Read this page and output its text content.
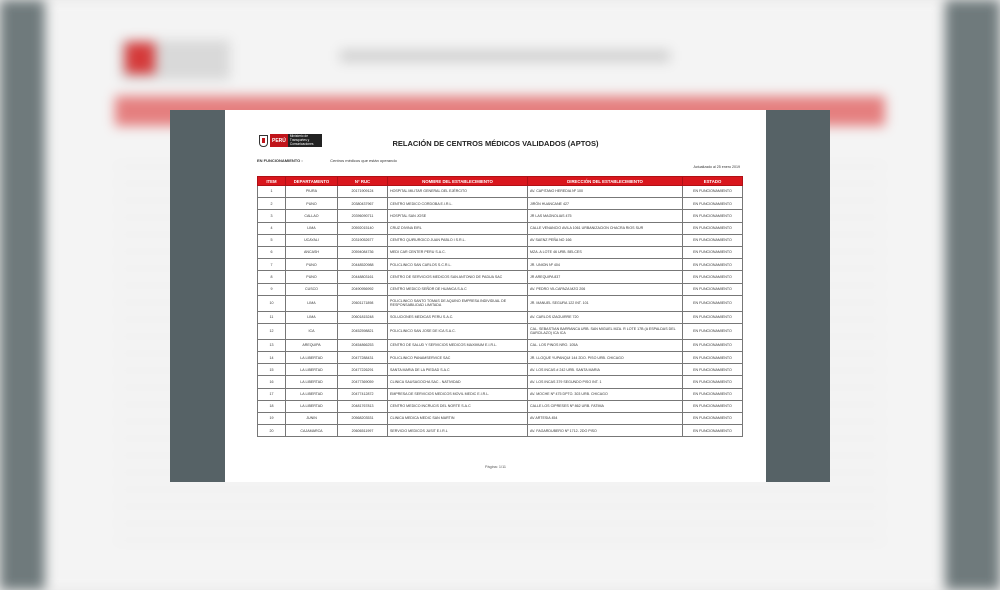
PERÚ
Ministerio de Transportes y Comunicaciones	RELACIÓN DE CENTROS MÉDICOS VALIDADOS (APTOS)
EN FUNCIONAMIENTO :	Centros médicos que están operando
Actualizado al 25 enero 2019
ITEM	DEPARTAMENTO	N° RUC	NOMBRE DEL ESTABLECIMIENTO	DIRECCIÓN DEL ESTABLECIMIENTO	ESTADO
1	PIURA	20171909124	HOSPITAL MILITAR GENERAL DEL EJÉRCITO	AV. CAPITANO HEREDIA Nº 100	EN FUNCIONAMIENTO
2	PUNO	20380437967	CENTRO MEDICO CORDOBA E.I.R.L.	JIRÓN HUANCANE 427	EN FUNCIONAMIENTO
3	CALLAO	20396090711	HOSPITAL SAN JOSE	JR LAS MAGNOLIAS 475	EN FUNCIONAMIENTO
4	LIMA	20592015140	CRUZ DIVINA EIRL	CALLE VENANCIO AVILA 1061 URBANIZACION CHACRA RIOS SUR	EN FUNCIONAMIENTO
5	UCAYALI	20319052677	CENTRO QUIRURGICO JUAN PABLO I S.R.L.	AV SAENZ PEÑA NO 166	EN FUNCIONAMIENTO
6	ANCASH	20594084736	MEDI CAR CENTER PERU S.A.C.	MZA. A LOTE 46 URB. BELCES	EN FUNCIONAMIENTO
7	PUNO	20448520988	POLICLINICO SAN CARLOS S.C.R.L.	JR. UNION Nº 404	EN FUNCIONAMIENTO
8	PUNO	20448803161	CENTRO DE SERVICIOS MEDICOS SAN ANTONIO DE PADUA SAC	JR AREQUIPA 837	EN FUNCIONAMIENTO
9	CUSCO	20490956992	CENTRO MEDICO SEÑOR DE HUANCA S.A.C	AV. PEDRO VILCAPAZA MZG 206	EN FUNCIONAMIENTO
10	LIMA	20601171898	POLICLINICO SANTO TOMAS DE AQUINO EMPRESA INDIVIDUAL DE RESPONSABILIDAD LIMITADA	JR. MANUEL SEGURA 122 INT. 101	EN FUNCIONAMIENTO
11	LIMA	20601815248	SOLUCIONES MEDICAS PERU S.A.C.	AV. CARLOS IZAGUIRRE 720	EN FUNCIONAMIENTO
12	ICA	20452598821	POLICLINICO SAN JOSE DE ICA S.A.C.	CAL. SEBASTIAN BARRANCA URB. SAN MIGUEL MZA. R LOTE 17B (A ESPALDAS DEL GARCILAZO) ICA ICA	EN FUNCIONAMIENTO
13	AREQUIPA	20454866253	CENTRO DE SALUD Y SERVICIOS MEDICOS MAXIMUM E.I.R.L.	CAL. LOS PINOS NRO. 105A	EN FUNCIONAMIENTO
14	LA LIBERTAD	20477288431	POLICLINICO PANAMSERVICE SAC	JR. LLOQUE YUPANQUI 144 2DO. PISO URB. CHICAGO	EN FUNCIONAMIENTO
15	LA LIBERTAD	20477226291	SANTA MARIA DE LA PIEDAD S.A.C	AV. LOS INCAS # 242 URB. SANTA MARIA	EN FUNCIONAMIENTO
16	LA LIBERTAD	20477369059	CLINICA SAUSAGOCHA SAC - NATIVIDAD	AV. LOS INCAS 379 SEGUNDO PISO INT. 1	EN FUNCIONAMIENTO
17	LA LIBERTAD	20477412872	EMPRESA DE SERVICIOS MEDICOS MOVIL MEDIC E.I.R.L.	AV. MOCHE Nº 475 DPTO. 303 URB. CHICAGO	EN FUNCIONAMIENTO
18	LA LIBERTAD	20481767813	CENTRO MEDICO INCRUCIS DEL NORTE S.A.C	CALLE LOS CIPRESES Nº 862 URB. FATIMA	EN FUNCIONAMIENTO
19	JUNIN	20568203531	CLINICA MEDICA MEDIC SAN MARTIN	AV ARTESIA 454	EN FUNCIONAMIENTO
20	CAJAMARCA	20606511997	SERVICIO MEDICOS JUSIT E.I.R.L	AV. FAGARDUBERO Nº 1712- 2DO PISO	EN FUNCIONAMIENTO
Página: 1/11
